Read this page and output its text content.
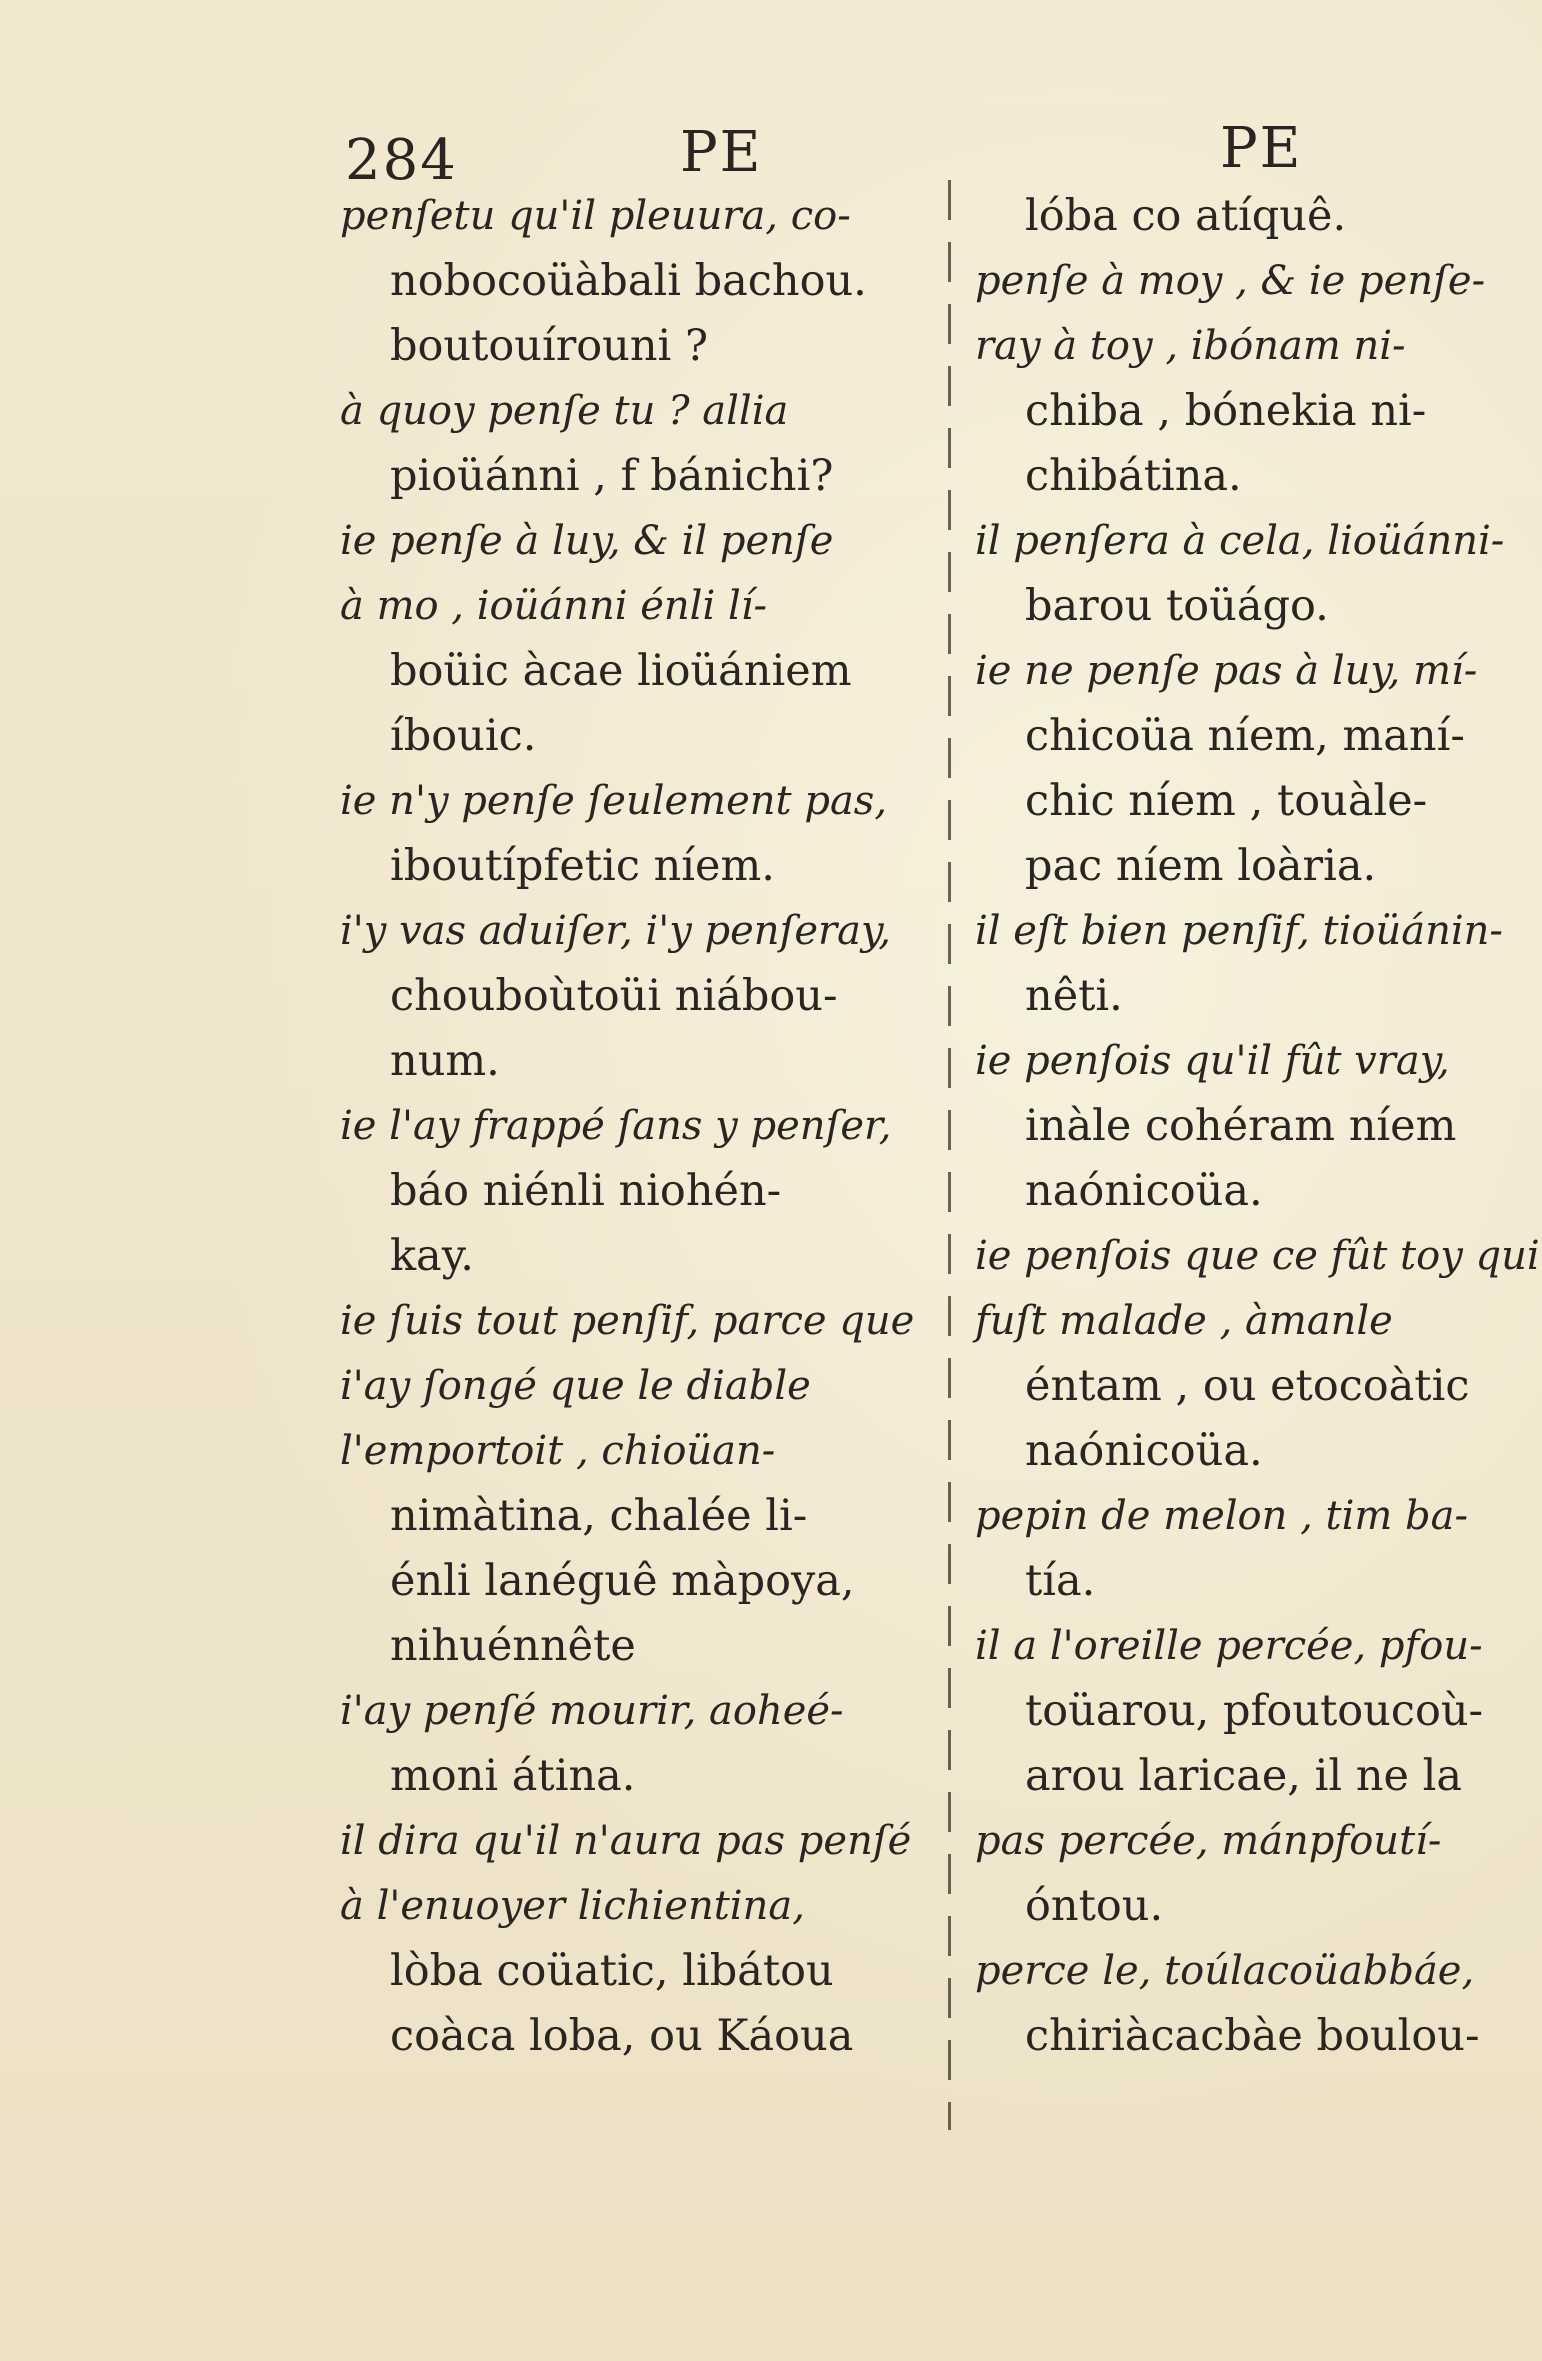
284	PE	PE
penſetu qu'il pleuura, co-
nobocoüàbali bachou.
boutouírouni ?
à quoy penſe tu ? allia
pioüánni , f bánichi?
ie penſe à luy, & il penſe
à mo , ioüánni énli lí-
boüic àcae lioüániem
íbouic.
ie n'y penſe ſeulement pas,
iboutípfetic níem.
i'y vas aduiſer, i'y penſeray,
chouboùtoüi niábou-
num.
ie l'ay frappé ſans y penſer,
báo niénli niohén-
kay.
ie ſuis tout penſif, parce que
i'ay ſongé que le diable
l'emportoit , chioüan-
nimàtina, chalée li-
énli lanéguê màpoya,
nihuénnête
i'ay penſé mourir, aoheé-
moni átina.
il dira qu'il n'aura pas penſé
à l'enuoyer lichientina,
lòba coüatic, libátou
coàca loba, ou Káoua
lóba co atíquê.
penſe à moy , & ie penſe-
ray à toy , ibónam ni-
chiba , bónekia ni-
chibátina.
il penſera à cela, lioüánni-
barou toüágo.
ie ne penſe pas à luy, mí-
chicoüa níem, maní-
chic níem , touàle-
pac níem loària.
il eſt bien penſif, tioüánin-
nêti.
ie penſois qu'il fût vray,
inàle cohéram níem
naónicoüa.
ie penſois que ce fût toy qui
fuſt malade , àmanle
éntam , ou etocoàtic
naónicoüa.
pepin de melon , tim ba-
tía.
il a l'oreille percée, pfou-
toüarou, pfoutoucoù-
arou laricae, il ne la
pas percée, mánpfoutí-
óntou.
perce le, toúlacoüabbáe,
chiriàcacbàe boulou-
